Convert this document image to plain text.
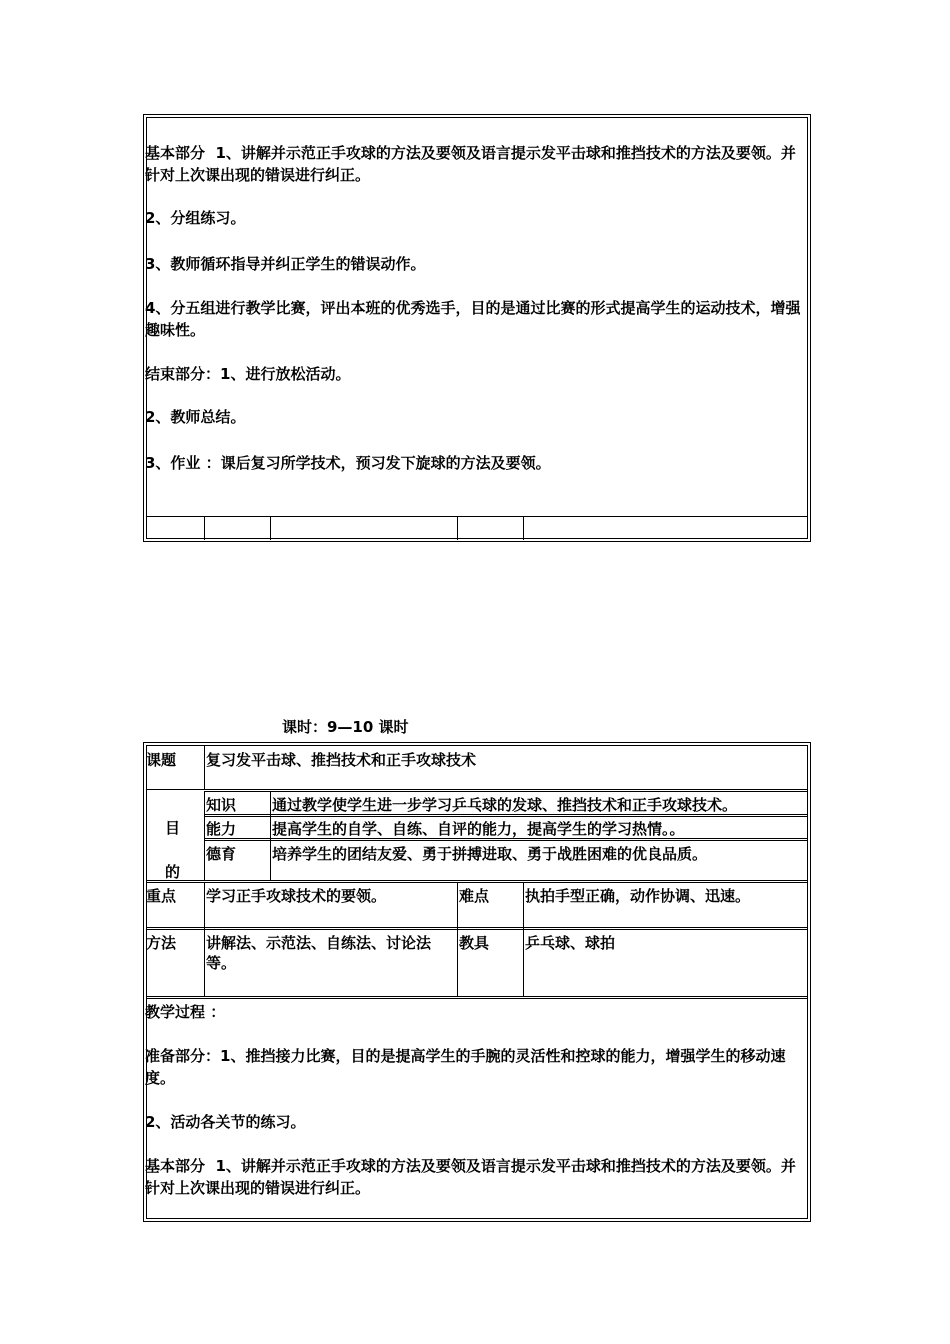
基本部分  1、讲解并示范正手攻球的方法及要领及语言提示发平击球和推挡技术的方法及要领。并针对上次课出现的错误进行纠正。
2、分组练习。
3、教师循环指导并纠正学生的错误动作。
4、分五组进行教学比赛，评出本班的优秀选手，目的是通过比赛的形式提高学生的运动技术，增强趣味性。
结束部分：1、进行放松活动。
2、教师总结。
3、作业 ：课后复习所学技术，预习发下旋球的方法及要领。
课时：9—10 课时
课题 复习发平击球、推挡技术和正手攻球技术
目
的
知识 通过教学使学生进一步学习乒乓球的发球、推挡技术和正手攻球技术。
能力 提高学生的自学、自练、自评的能力，提高学生的学习热情。。
德育 培养学生的团结友爱、勇于拼搏进取、勇于战胜困难的优良品质。
重点 学习正手攻球技术的要领。	难点 执拍手型正确，动作协调、迅速。
方法 讲解法、示范法、自练法、讨论法等。
教具 乒乓球、球拍
教学过程 ：
准备部分：1、推挡接力比赛，目的是提高学生的手腕的灵活性和控球的能力，增强学生的移动速度。
2、活动各关节的练习。
基本部分  1、讲解并示范正手攻球的方法及要领及语言提示发平击球和推挡技术的方法及要领。并针对上次课出现的错误进行纠正。
